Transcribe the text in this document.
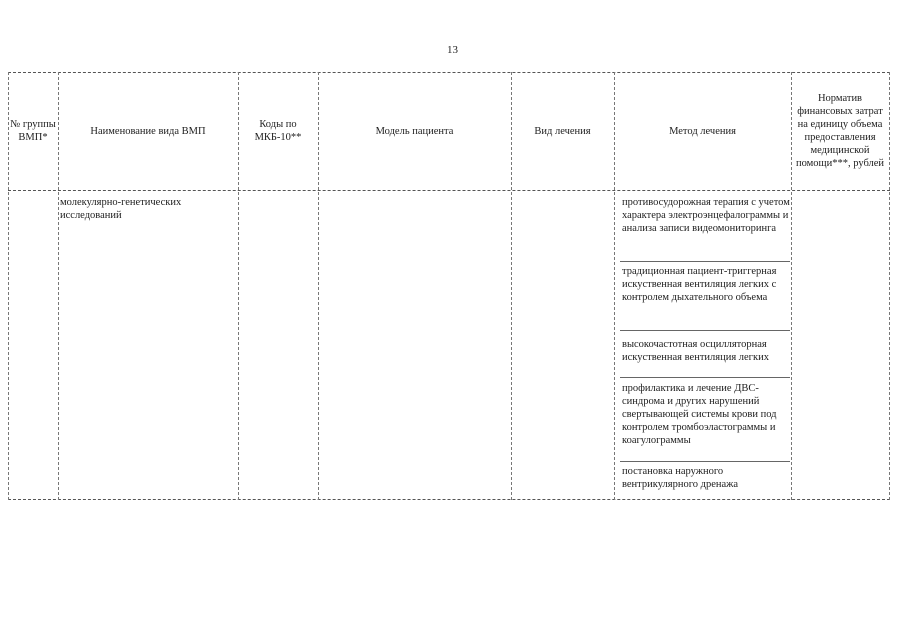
13
№ группы ВМП*
Наименование вида ВМП
Коды по МКБ-10**
Модель пациента	Вид лечения	Метод лечения
Норматив финансовых затрат на единицу объема предоставления медицинской помощи***, рублей
молекулярно-генетических исследований
противосудорожная терапия с учетом характера электроэнцефалограммы и анализа записи видеомониторинга
традиционная пациент-триггерная искуственная вентиляция легких с контролем дыхательного объема
высокочастотная осцилляторная искуственная вентиляция легких
профилактика и лечение ДВС-синдрома и других нарушений свертывающей системы крови под контролем тромбоэластограммы и коагулограммы
постановка наружного вентрикулярного дренажа
